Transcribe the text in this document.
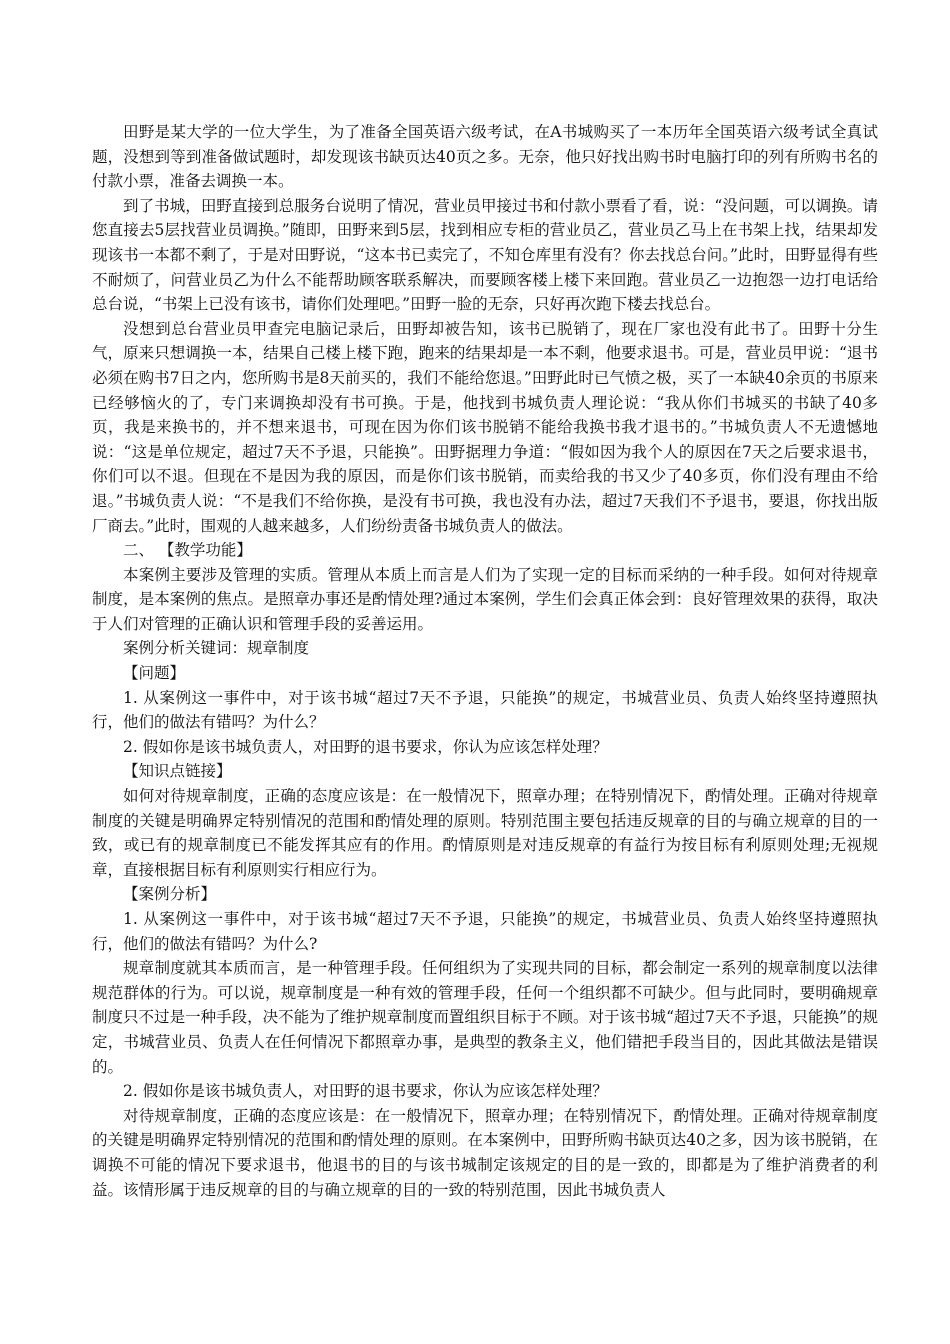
田野是某大学的一位大学生，为了准备全国英语六级考试，在A书城购买了一本历年全国英语六级考试全真试题，没想到等到准备做试题时，却发现该书缺页达40页之多。无奈，他只好找出购书时电脑打印的列有所购书名的付款小票，准备去调换一本。

到了书城，田野直接到总服务台说明了情况，营业员甲接过书和付款小票看了看，说：“没问题，可以调换。请您直接去5层找营业员调换。”随即，田野来到5层，找到相应专柜的营业员乙，营业员乙马上在书架上找，结果却发现该书一本都不剩了，于是对田野说，“这本书已卖完了，不知仓库里有没有？你去找总台问。”此时，田野显得有些不耐烦了，问营业员乙为什么不能帮助顾客联系解决，而要顾客楼上楼下来回跑。营业员乙一边抱怨一边打电话给总台说，“书架上已没有该书，请你们处理吧。”田野一脸的无奈，只好再次跑下楼去找总台。

没想到总台营业员甲查完电脑记录后，田野却被告知，该书已脱销了，现在厂家也没有此书了。田野十分生气，原来只想调换一本，结果自己楼上楼下跑，跑来的结果却是一本不剩，他要求退书。可是，营业员甲说：“退书必须在购书7日之内，您所购书是8天前买的，我们不能给您退。”田野此时已气愤之极，买了一本缺40余页的书原来已经够恼火的了，专门来调换却没有书可换。于是，他找到书城负责人理论说：“我从你们书城买的书缺了40多页，我是来换书的，并不想来退书，可现在因为你们该书脱销不能给我换书我才退书的。”书城负责人不无遗憾地说：“这是单位规定，超过7天不予退，只能换”。田野据理力争道：“假如因为我个人的原因在7天之后要求退书，你们可以不退。但现在不是因为我的原因，而是你们该书脱销，而卖给我的书又少了40多页，你们没有理由不给退。”书城负责人说：“不是我们不给你换，是没有书可换，我也没有办法，超过7天我们不予退书，要退，你找出版厂商去。”此时，围观的人越来越多，人们纷纷责备书城负责人的做法。

二、 【教学功能】

本案例主要涉及管理的实质。管理从本质上而言是人们为了实现一定的目标而采纳的一种手段。如何对待规章制度，是本案例的焦点。是照章办事还是酌情处理?通过本案例，学生们会真正体会到：良好管理效果的获得，取决于人们对管理的正确认识和管理手段的妥善运用。

案例分析关键词：规章制度

【问题】

1. 从案例这一事件中，对于该书城“超过7天不予退，只能换”的规定，书城营业员、负责人始终坚持遵照执行，他们的做法有错吗？为什么？

2. 假如你是该书城负责人，对田野的退书要求，你认为应该怎样处理？

【知识点链接】

如何对待规章制度，正确的态度应该是：在一般情况下，照章办理；在特别情况下，酌情处理。正确对待规章制度的关键是明确界定特别情况的范围和酌情处理的原则。特别范围主要包括违反规章的目的与确立规章的目的一致，或已有的规章制度已不能发挥其应有的作用。酌情原则是对违反规章的有益行为按目标有利原则处理;无视规章，直接根据目标有利原则实行相应行为。

【案例分析】

1. 从案例这一事件中，对于该书城“超过7天不予退，只能换”的规定，书城营业员、负责人始终坚持遵照执行，他们的做法有错吗？为什么?

规章制度就其本质而言，是一种管理手段。任何组织为了实现共同的目标，都会制定一系列的规章制度以法律规范群体的行为。可以说，规章制度是一种有效的管理手段，任何一个组织都不可缺少。但与此同时，要明确规章制度只不过是一种手段，决不能为了维护规章制度而置组织目标于不顾。对于该书城“超过7天不予退，只能换”的规定，书城营业员、负责人在任何情况下都照章办事，是典型的教条主义，他们错把手段当目的，因此其做法是错误的。

2. 假如你是该书城负责人，对田野的退书要求，你认为应该怎样处理？

对待规章制度，正确的态度应该是：在一般情况下，照章办理；在特别情况下，酌情处理。正确对待规章制度的关键是明确界定特别情况的范围和酌情处理的原则。在本案例中，田野所购书缺页达40之多，因为该书脱销，在调换不可能的情况下要求退书，他退书的目的与该书城制定该规定的目的是一致的，即都是为了维护消费者的利益。该情形属于违反规章的目的与确立规章的目的一致的特别范围，因此书城负责人
